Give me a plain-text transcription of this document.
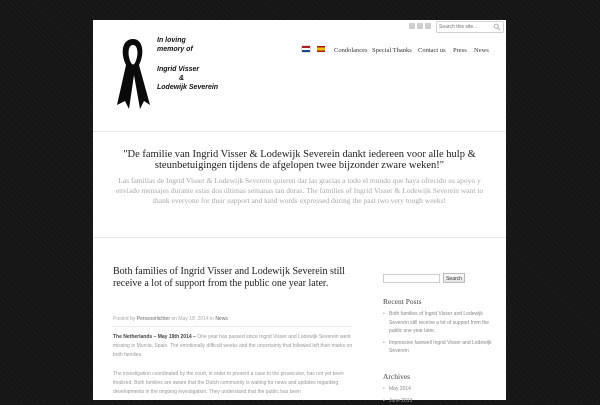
Search this site...
In loving
memory of
Ingrid Visser
&
Lodewijk Severein
Condolances Special Thanks Contact us Press News
"De familie van Ingrid Visser & Lodewijk Severein dankt iedereen voor alle hulp & steunbetuigingen tijdens de afgelopen twee bijzonder zware weken!"
Las familias de Ingrid Visser & Lodewijk Severein quieren dar las gracias a todo el mundo que haya ofrecido su apoyo y enviado mensajes durante estas dos últimas semanas tan duras. The families of Ingrid Visser & Lodewijk Severein want to thank everyone for their support and kind words expressed during the past two very tough weeks!
Both families of Ingrid Visser and Lodewijk Severein still receive a lot of support from the public one year later.
Posted by Persvoorlichter on May 18, 2014 in News
The Netherlands – May 19th 2014 – One year has passed since Ingrid Visser and Lodewijk Severein went missing in Murcia, Spain. The emotionally difficult weeks and the uncertainty that followed left their marks on both families.
The investigation coordinated by the court, in order to present a case to the prosecutor, has not yet been finalized. Both families are aware that the Dutch community is waiting for news and updates regarding developments in the ongoing investigation. They understand that the public has been
Search
Recent Posts
• Both families of Ingrid Visser and Lodewijk Severein still receive a lot of support from the public one year later.
• Impressive farewell Ingrid Visser and Lodewijk Severein
Archives
• May 2014
• June 2013
